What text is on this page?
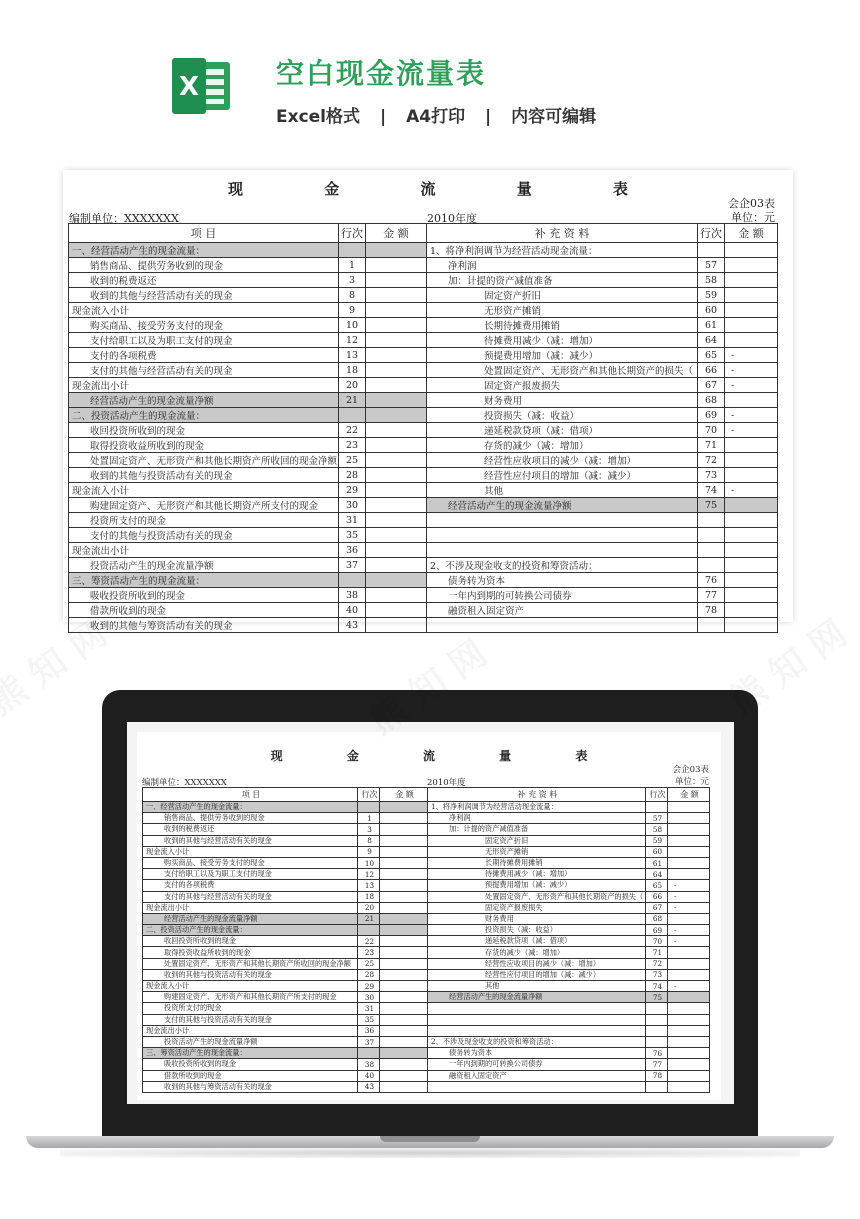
X	空白现金流量表
Excel格式 | A4打印 | 内容可编辑
现 金 流 量 表
会企03表
单位：元
编制单位：XXXXXXX	2010年度
项 目	行次	金 额	补 充 资 料	行次	金 额
一、经营活动产生的现金流量：			1、将净利润调节为经营活动现金流量：		
销售商品、提供劳务收到的现金	1		净利润	57	
收到的税费返还	3		加：计提的资产减值准备	58	
收到的其他与经营活动有关的现金	8		固定资产折旧	59	
现金流入小计	9		无形资产摊销	60	
购买商品、接受劳务支付的现金	10		长期待摊费用摊销	61	
支付给职工以及为职工支付的现金	12		待摊费用减少（减：增加）	64	
支付的各项税费	13		预提费用增加（减：减少）	65	-
支付的其他与经营活动有关的现金	18		处置固定资产、无形资产和其他长期资产的损失（	66	-
现金流出小计	20		固定资产报废损失	67	-
经营活动产生的现金流量净额	21		财务费用	68	
二、投资活动产生的现金流量：			投资损失（减：收益）	69	-
收回投资所收到的现金	22		递延税款贷项（减：借项）	70	-
取得投资收益所收到的现金	23		存货的减少（减：增加）	71	
处置固定资产、无形资产和其他长期资产所收回的现金净额	25		经营性应收项目的减少（减：增加）	72	
收到的其他与投资活动有关的现金	28		经营性应付项目的增加（减：减少）	73	
现金流入小计	29		其他	74	-
购建固定资产、无形资产和其他长期资产所支付的现金	30		经营活动产生的现金流量净额	75	
投资所支付的现金	31				
支付的其他与投资活动有关的现金	35				
现金流出小计	36				
投资活动产生的现金流量净额	37		2、不涉及现金收支的投资和筹资活动：		
三、筹资活动产生的现金流量：			债务转为资本	76	
吸收投资所收到的现金	38		一年内到期的可转换公司债券	77	
借款所收到的现金	40		融资租入固定资产	78	
收到的其他与筹资活动有关的现金	43				
现 金 流 量 表
会企03表
单位：元
编制单位：XXXXXXX	2010年度
项 目	行次	金 额	补 充 资 料	行次	金 额
一、经营活动产生的现金流量：			1、将净利润调节为经营活动现金流量：		
销售商品、提供劳务收到的现金	1		净利润	57	
收到的税费返还	3		加：计提的资产减值准备	58	
收到的其他与经营活动有关的现金	8		固定资产折旧	59	
现金流入小计	9		无形资产摊销	60	
购买商品、接受劳务支付的现金	10		长期待摊费用摊销	61	
支付给职工以及为职工支付的现金	12		待摊费用减少（减：增加）	64	
支付的各项税费	13		预提费用增加（减：减少）	65	-
支付的其他与经营活动有关的现金	18		处置固定资产、无形资产和其他长期资产的损失（	66	-
现金流出小计	20		固定资产报废损失	67	-
经营活动产生的现金流量净额	21		财务费用	68	
二、投资活动产生的现金流量：			投资损失（减：收益）	69	-
收回投资所收到的现金	22		递延税款贷项（减：借项）	70	-
取得投资收益所收到的现金	23		存货的减少（减：增加）	71	
处置固定资产、无形资产和其他长期资产所收回的现金净额	25		经营性应收项目的减少（减：增加）	72	
收到的其他与投资活动有关的现金	28		经营性应付项目的增加（减：减少）	73	
现金流入小计	29		其他	74	-
购建固定资产、无形资产和其他长期资产所支付的现金	30		经营活动产生的现金流量净额	75	
投资所支付的现金	31				
支付的其他与投资活动有关的现金	35				
现金流出小计	36				
投资活动产生的现金流量净额	37		2、不涉及现金收支的投资和筹资活动：		
三、筹资活动产生的现金流量：			债务转为资本	76	
吸收投资所收到的现金	38		一年内到期的可转换公司债券	77	
借款所收到的现金	40		融资租入固定资产	78	
收到的其他与筹资活动有关的现金	43				
